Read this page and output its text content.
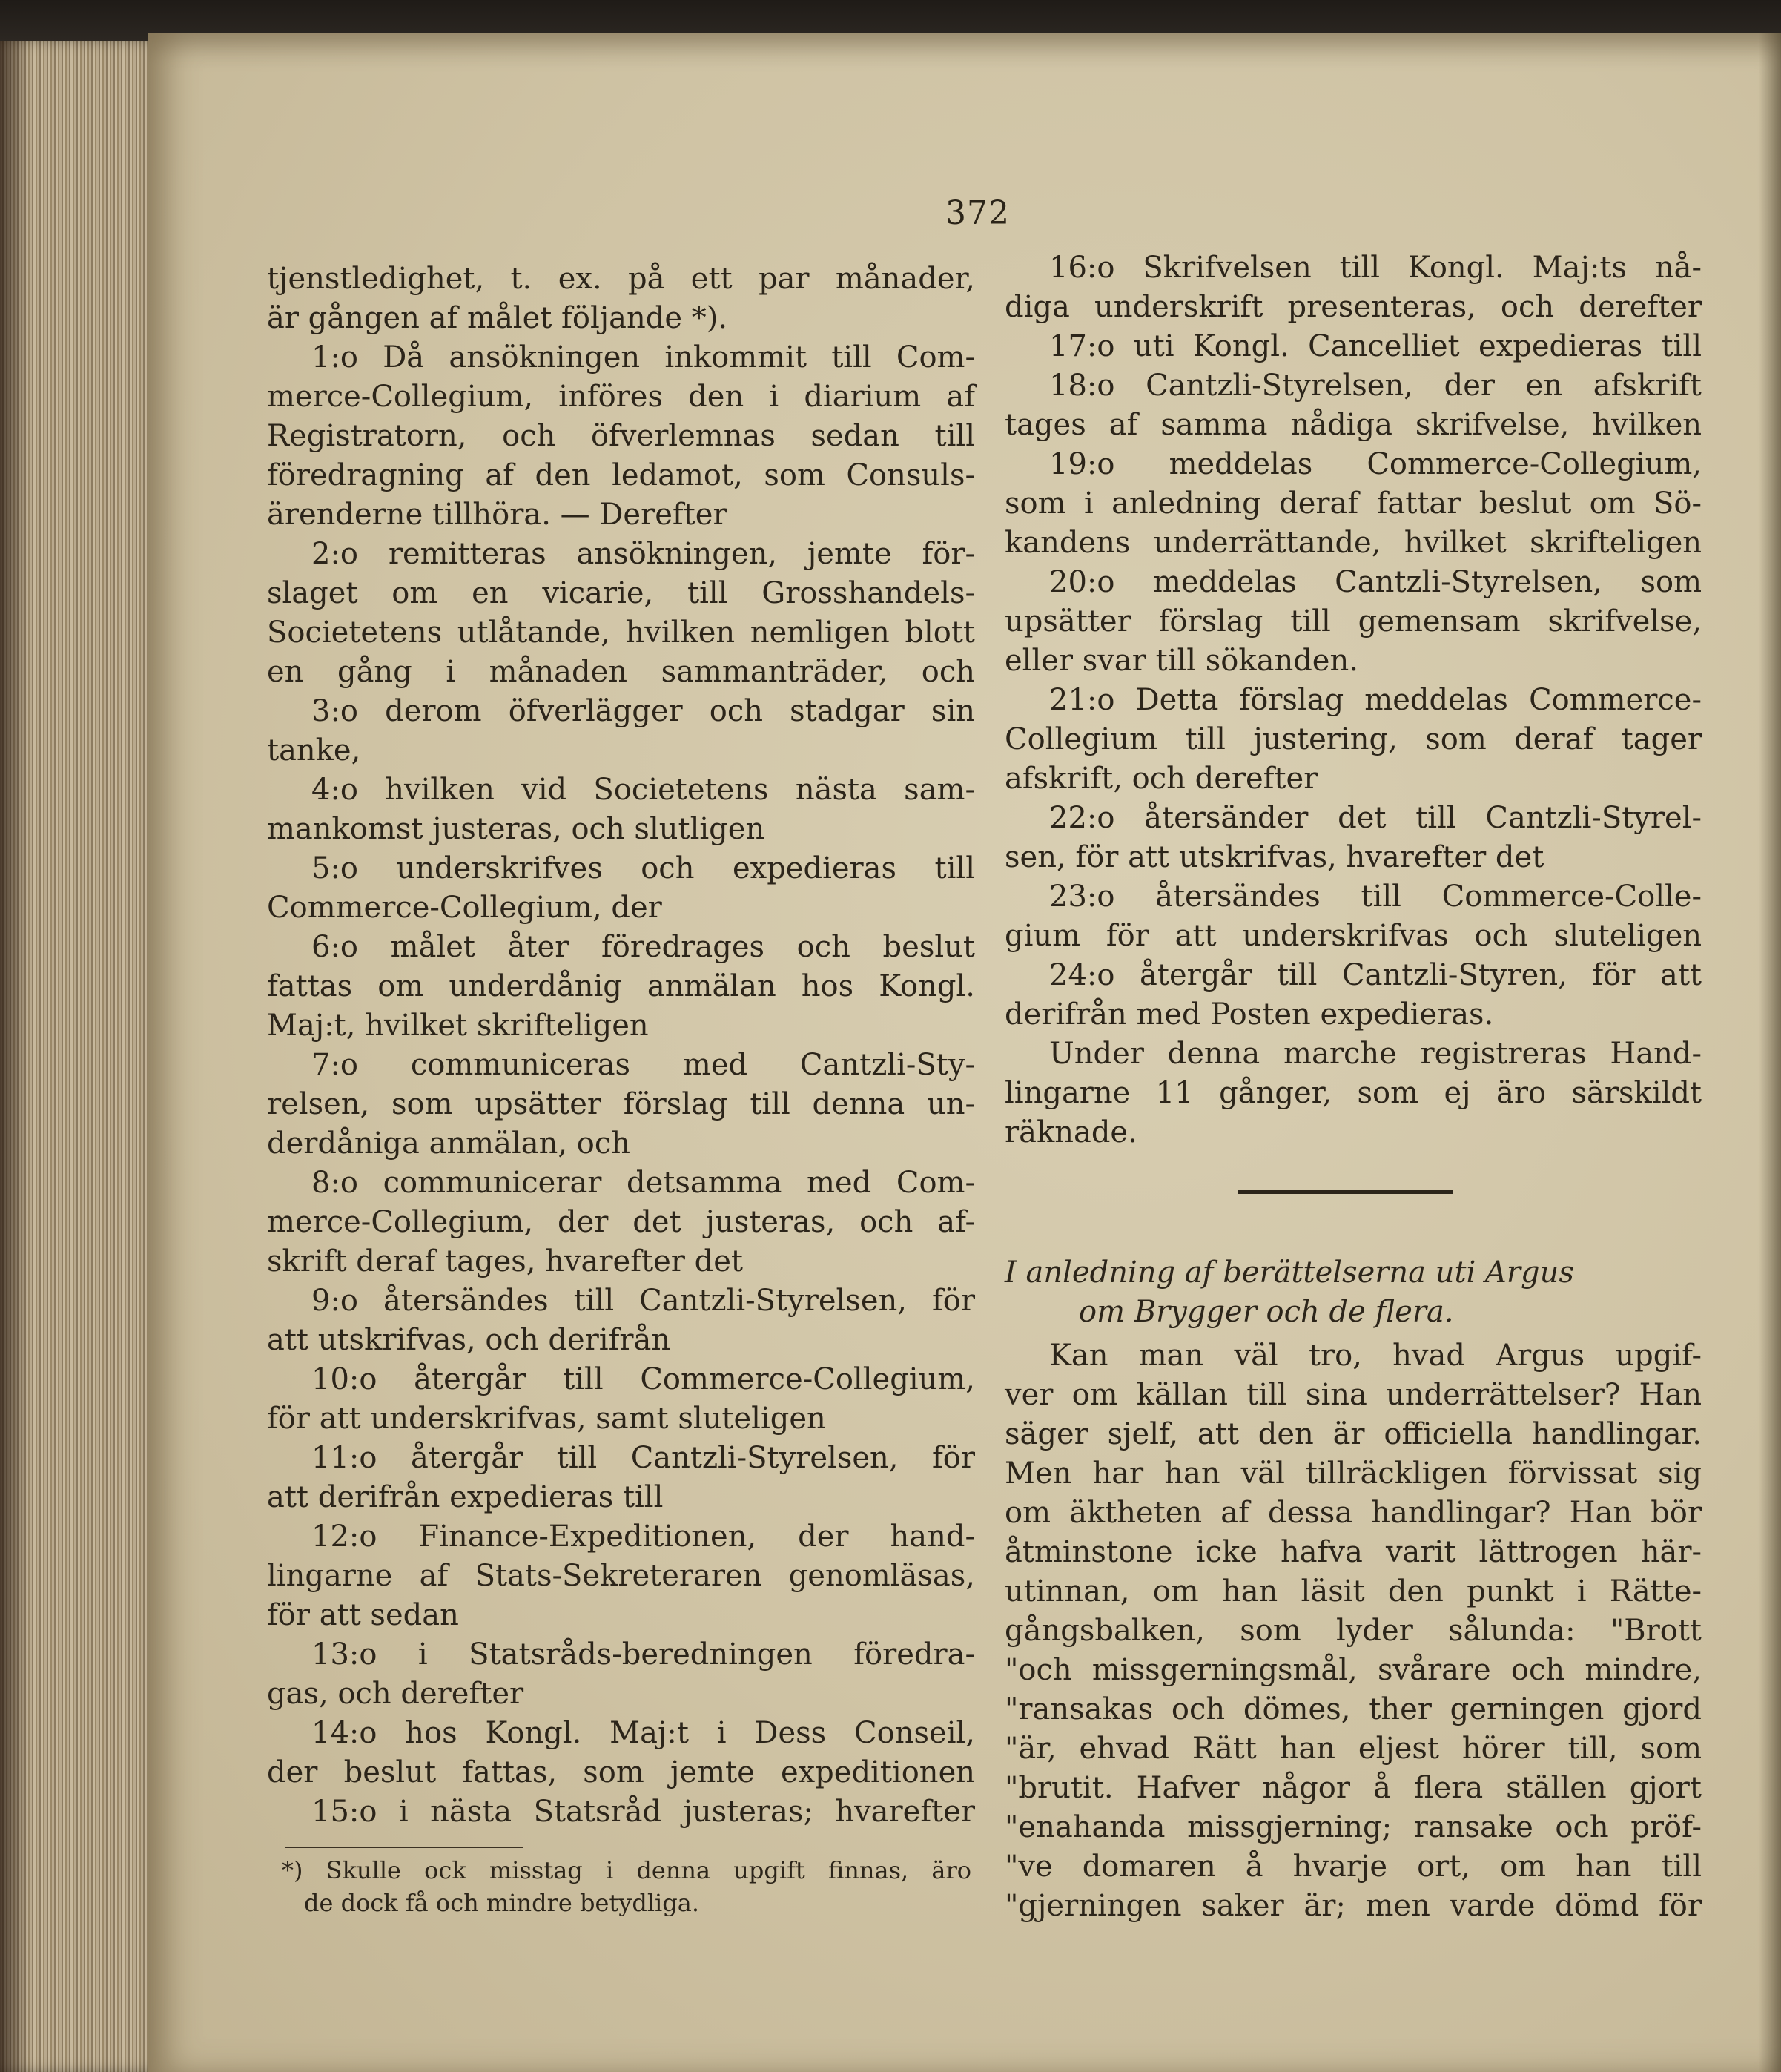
372
tjenstledighet, t. ex. på ett par månader,
är gången af målet följande *).
1:o Då ansökningen inkommit till Com-
merce-Collegium, införes den i diarium af
Registratorn, och öfverlemnas sedan till
föredragning af den ledamot, som Consuls-
ärenderne tillhöra. — Derefter
2:o remitteras ansökningen, jemte för-
slaget om en vicarie, till Grosshandels-
Societetens utlåtande, hvilken nemligen blott
en gång i månaden sammanträder, och
3:o derom öfverlägger och stadgar sin
tanke,
4:o hvilken vid Societetens nästa sam-
mankomst justeras, och slutligen
5:o underskrifves och expedieras till
Commerce-Collegium, der
6:o målet åter föredrages och beslut
fattas om underdånig anmälan hos Kongl.
Maj:t, hvilket skrifteligen
7:o communiceras med Cantzli-Sty-
relsen, som upsätter förslag till denna un-
derdåniga anmälan, och
8:o communicerar detsamma med Com-
merce-Collegium, der det justeras, och af-
skrift deraf tages, hvarefter det
9:o återsändes till Cantzli-Styrelsen, för
att utskrifvas, och derifrån
10:o återgår till Commerce-Collegium,
för att underskrifvas, samt sluteligen
11:o återgår till Cantzli-Styrelsen, för
att derifrån expedieras till
12:o Finance-Expeditionen, der hand-
lingarne af Stats-Sekreteraren genomläsas,
för att sedan
13:o i Statsråds-beredningen föredra-
gas, och derefter
14:o hos Kongl. Maj:t i Dess Conseil,
der beslut fattas, som jemte expeditionen
15:o i nästa Statsråd justeras; hvarefter
*) Skulle ock misstag i denna upgift finnas, äro
de dock få och mindre betydliga.
16:o Skrifvelsen till Kongl. Maj:ts nå-
diga underskrift presenteras, och derefter
17:o uti Kongl. Cancelliet expedieras till
18:o Cantzli-Styrelsen, der en afskrift
tages af samma nådiga skrifvelse, hvilken
19:o meddelas Commerce-Collegium,
som i anledning deraf fattar beslut om Sö-
kandens underrättande, hvilket skrifteligen
20:o meddelas Cantzli-Styrelsen, som
upsätter förslag till gemensam skrifvelse,
eller svar till sökanden.
21:o Detta förslag meddelas Commerce-
Collegium till justering, som deraf tager
afskrift, och derefter
22:o återsänder det till Cantzli-Styrel-
sen, för att utskrifvas, hvarefter det
23:o återsändes till Commerce-Colle-
gium för att underskrifvas och sluteligen
24:o återgår till Cantzli-Styren, för att
derifrån med Posten expedieras.
Under denna marche registreras Hand-
lingarne 11 gånger, som ej äro särskildt
räknade.
I anledning af berättelserna uti Argus
om Brygger och de flera.
Kan man väl tro, hvad Argus upgif-
ver om källan till sina underrättelser? Han
säger sjelf, att den är officiella handlingar.
Men har han väl tillräckligen förvissat sig
om äktheten af dessa handlingar? Han bör
åtminstone icke hafva varit lättrogen här-
utinnan, om han läsit den punkt i Rätte-
gångsbalken, som lyder sålunda: "Brott
"och missgerningsmål, svårare och mindre,
"ransakas och dömes, ther gerningen gjord
"är, ehvad Rätt han eljest hörer till, som
"brutit. Hafver någor å flera ställen gjort
"enahanda missgjerning; ransake och pröf-
"ve domaren å hvarje ort, om han till
"gjerningen saker är; men varde dömd för
